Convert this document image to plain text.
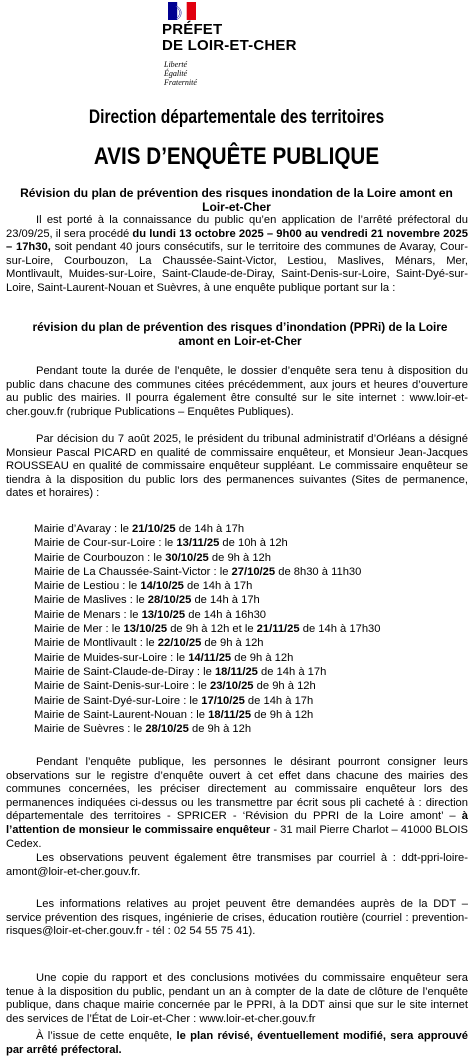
PRÉFET
DE LOIR-ET-CHER
Liberté
Égalité
Fraternité
Direction départementale des territoires
AVIS D’ENQUÊTE PUBLIQUE
Révision du plan de prévention des risques inondation de la Loire amont en Loir-et-Cher

Il est porté à la connaissance du public qu’en application de l’arrêté préfectoral du 23/09/25, il sera procédé du lundi 13 octobre 2025 – 9h00 au vendredi 21 novembre 2025 – 17h30, soit pendant 40 jours consécutifs, sur le territoire des communes de Avaray, Cour-sur-Loire, Courbouzon, La Chaussée-Saint-Victor, Lestiou, Maslives, Ménars, Mer, Montlivault, Muides-sur-Loire, Saint-Claude-de-Diray, Saint-Denis-sur-Loire, Saint-Dyé-sur-Loire, Saint-Laurent-Nouan et Suèvres, à une enquête publique portant sur la :

révision du plan de prévention des risques d’inondation (PPRi) de la Loire amont en Loir-et-Cher

Pendant toute la durée de l’enquête, le dossier d’enquête sera tenu à disposition du public dans chacune des communes citées précédemment, aux jours et heures d’ouverture au public des mairies. Il pourra également être consulté sur le site internet : www.loir-et-cher.gouv.fr (rubrique Publications – Enquêtes Publiques).

Par décision du 7 août 2025, le président du tribunal administratif d’Orléans a désigné Monsieur Pascal PICARD en qualité de commissaire enquêteur, et Monsieur Jean-Jacques ROUSSEAU en qualité de commissaire enquêteur suppléant. Le commissaire enquêteur se tiendra à la disposition du public lors des permanences suivantes (Sites de permanence, dates et horaires) :

Mairie d’Avaray : le 21/10/25 de 14h à 17h
Mairie de Cour-sur-Loire : le 13/11/25 de 10h à 12h
Mairie de Courbouzon : le 30/10/25 de 9h à 12h
Mairie de La Chaussée-Saint-Victor : le 27/10/25 de 8h30 à 11h30
Mairie de Lestiou : le 14/10/25 de 14h à 17h
Mairie de Maslives : le 28/10/25 de 14h à 17h
Mairie de Menars : le 13/10/25 de 14h à 16h30
Mairie de Mer : le 13/10/25 de 9h à 12h et le 21/11/25 de 14h à 17h30
Mairie de Montlivault : le 22/10/25 de 9h à 12h
Mairie de Muides-sur-Loire : le 14/11/25 de 9h à 12h
Mairie de Saint-Claude-de-Diray : le 18/11/25 de 14h à 17h
Mairie de Saint-Denis-sur-Loire : le 23/10/25 de 9h à 12h
Mairie de Saint-Dyé-sur-Loire : le 17/10/25 de 14h à 17h
Mairie de Saint-Laurent-Nouan : le 18/11/25 de 9h à 12h
Mairie de Suèvres : le 28/10/25 de 9h à 12h

Pendant l’enquête publique, les personnes le désirant pourront consigner leurs observations sur le registre d’enquête ouvert à cet effet dans chacune des mairies des communes concernées, les préciser directement au commissaire enquêteur lors des permanences indiquées ci-dessus ou les transmettre par écrit sous pli cacheté à : direction départementale des territoires - SPRICER - ‘Révision du PPRI de la Loire amont’ – à l’attention de monsieur le commissaire enquêteur - 31 mail Pierre Charlot – 41000 BLOIS Cedex.

Les observations peuvent également être transmises par courriel à : ddt-ppri-loire-amont@loir-et-cher.gouv.fr.

Les informations relatives au projet peuvent être demandées auprès de la DDT – service prévention des risques, ingénierie de crises, éducation routière (courriel : prevention-risques@loir-et-cher.gouv.fr - tél : 02 54 55 75 41).

Une copie du rapport et des conclusions motivées du commissaire enquêteur sera tenue à la disposition du public, pendant un an à compter de la date de clôture de l’enquête publique, dans chaque mairie concernée par le PPRI, à la DDT ainsi que sur le site internet des services de l’État de Loir-et-Cher : www.loir-et-cher.gouv.fr

À l’issue de cette enquête, le plan révisé, éventuellement modifié, sera approuvé par arrêté préfectoral.
